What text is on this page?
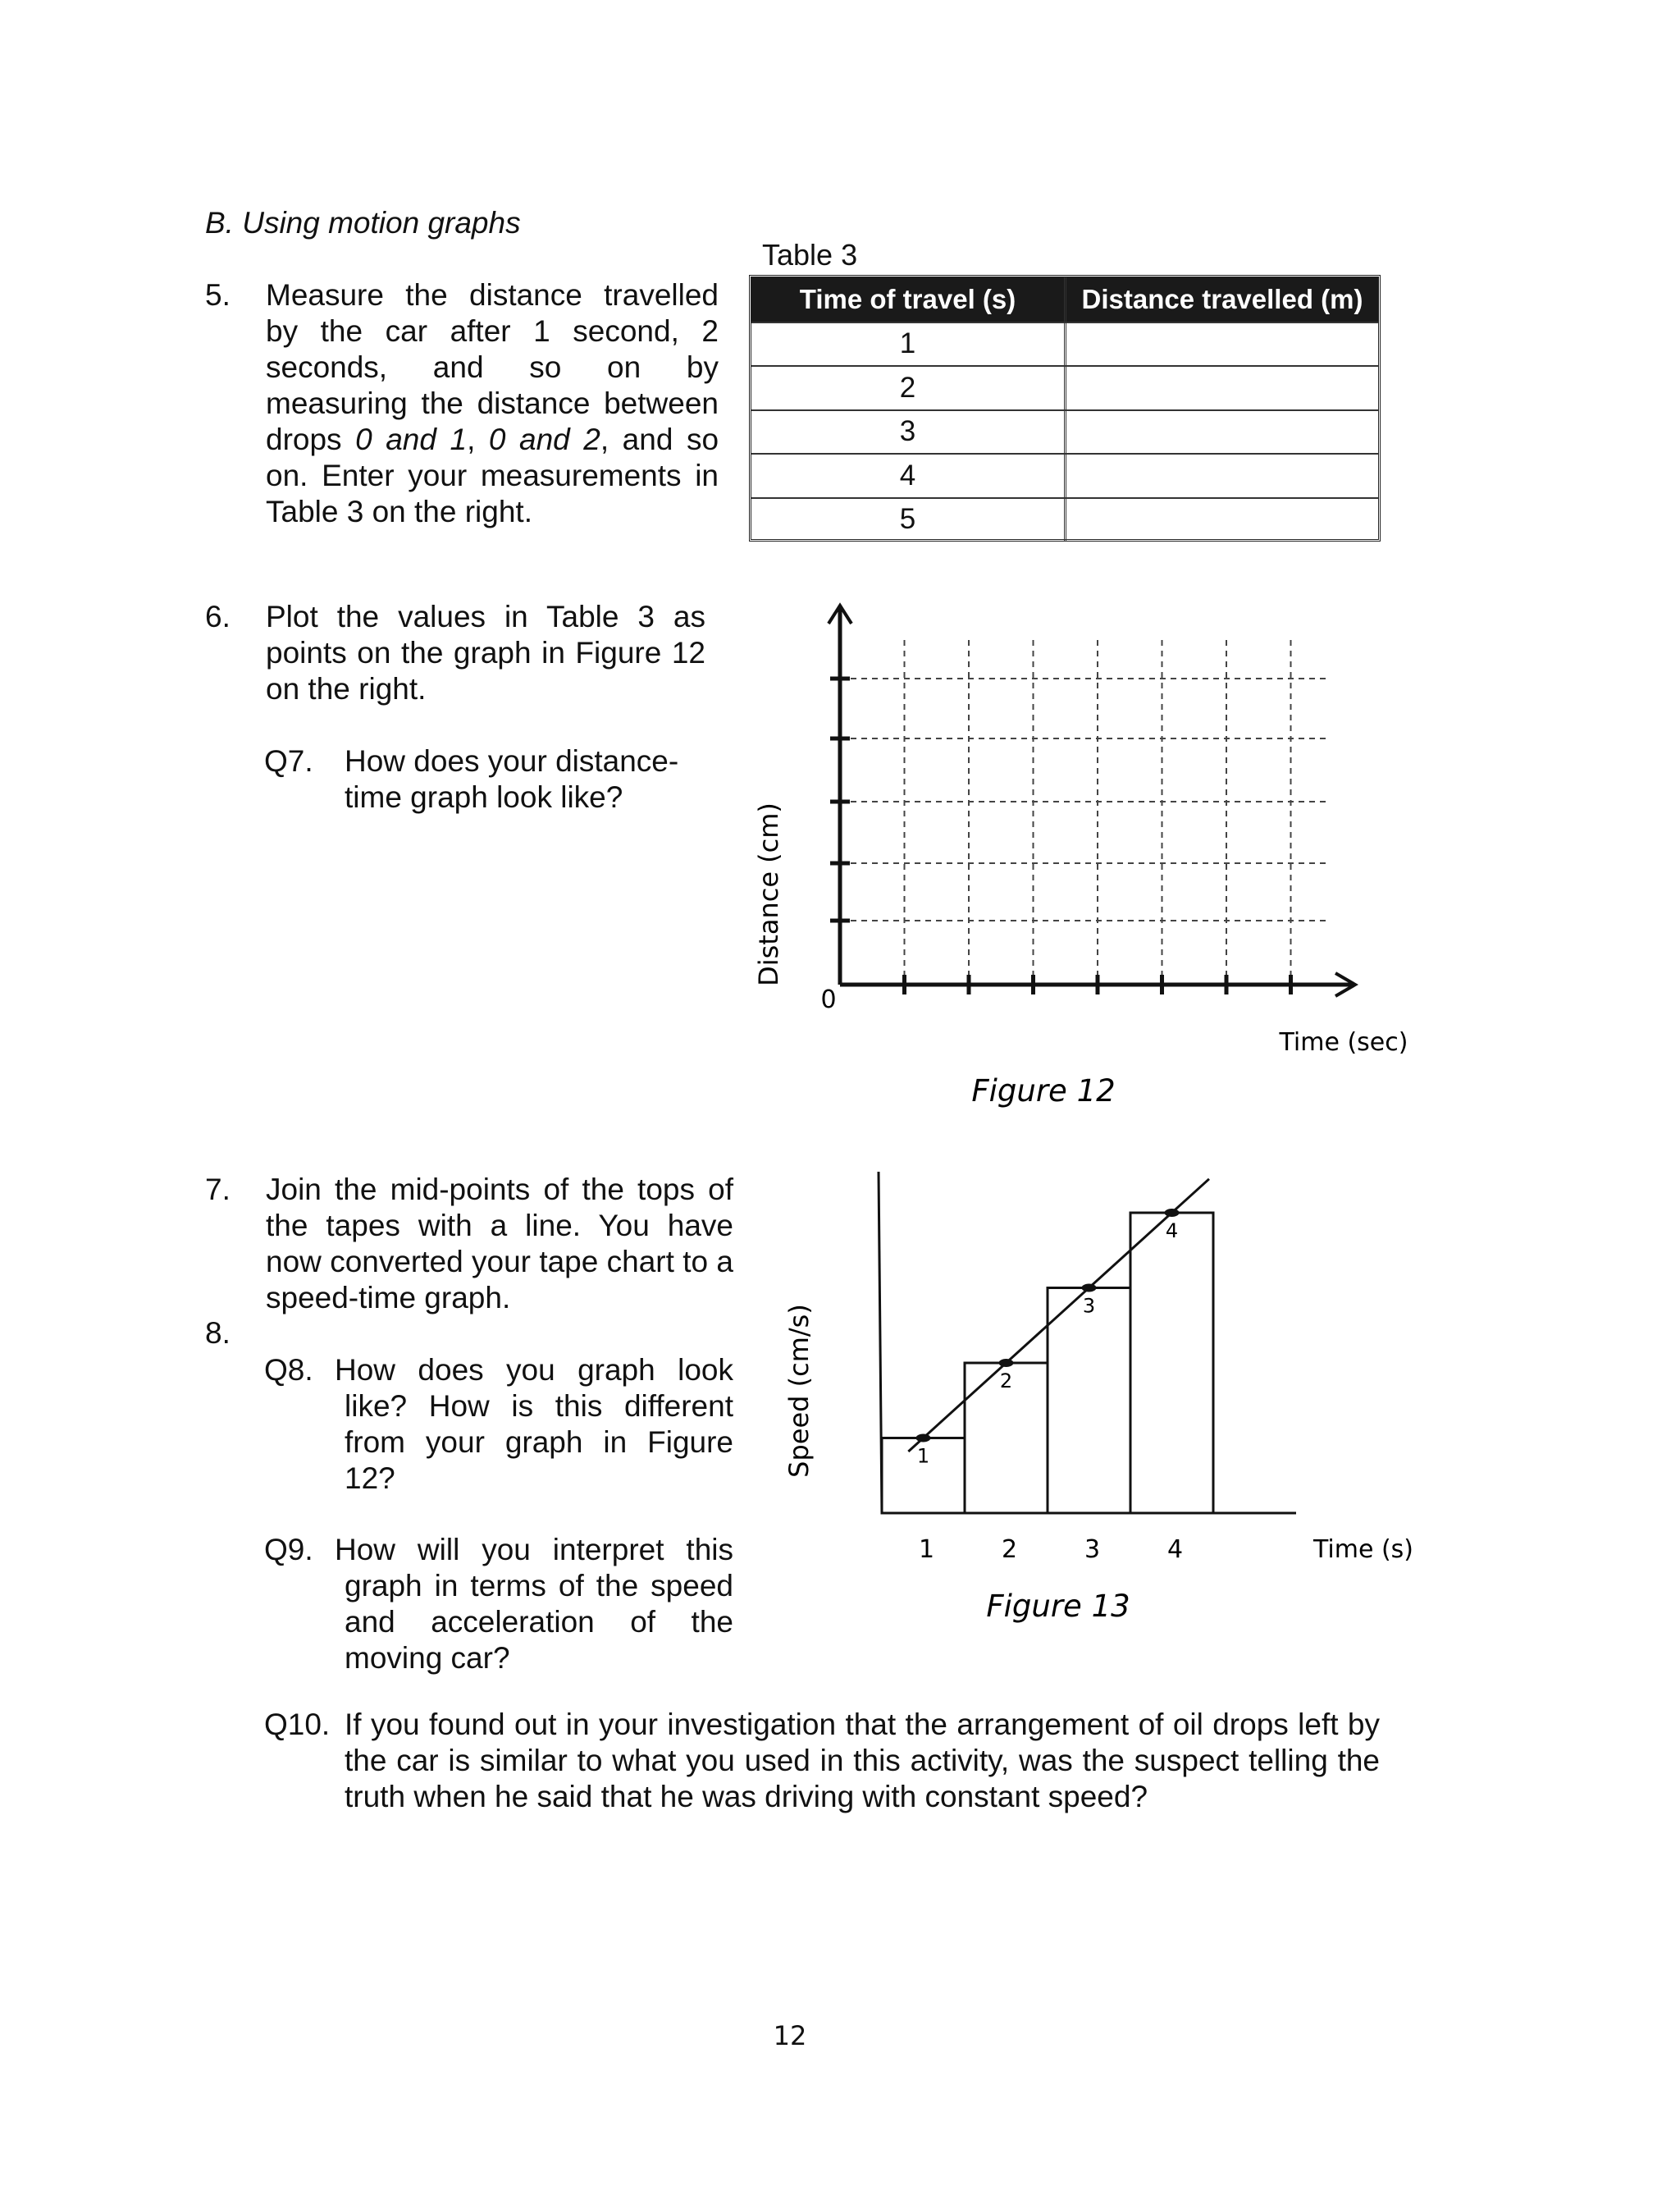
B. Using motion graphs
5. Measure the distance travelled by the car after 1 second, 2 seconds, and so on by measuring the distance between drops 0 and 1, 0 and 2, and so on. Enter your measurements in Table 3 on the right.
Table 3
Time of travel (s)	Distance travelled (m)
1
2
3
4
5
6. Plot the values in Table 3 as points on the graph in Figure 12 on the right.
Q7. How does your distance-time graph look like?
0
Distance (cm)
Time (sec)
Figure 12
7. Join the mid-points of the tops of the tapes with a line. You have now converted your tape chart to a speed-time graph.
8.
Q8. How does you graph look like? How is this different from your graph in Figure 12?
Q9. How will you interpret this graph in terms of the speed and acceleration of the moving car?
1
2
3
4
1	2	3	4
Speed (cm/s)
Time (s)
Figure 13
Q10. If you found out in your investigation that the arrangement of oil drops left by the car is similar to what you used in this activity, was the suspect telling the truth when he said that he was driving with constant speed?
12
